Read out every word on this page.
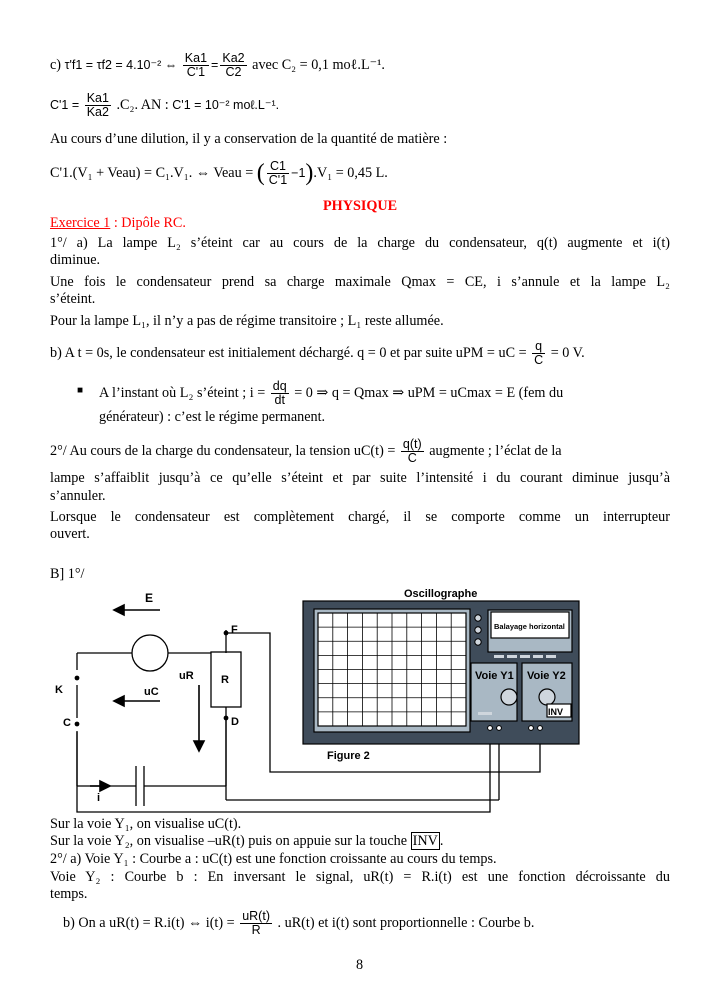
c) τ'f1 = τf2 = 4.10⁻² ⇔ $\frac{Ka1}{C'1} = \frac{Ka2}{C2}$ avec C₂ = 0,1 moℓ.L⁻¹.
$C'1 = \frac{Ka1}{Ka2} .C_2$. AN : C'1 = 10⁻² moℓ.L⁻¹.
Au cours d’une dilution, il y a conservation de la quantité de matière :
C'1.(V₁ + Veau) = C₁.V₁. ⇔ Veau = ( $\frac{C1}{C'1} -1).V_1 = 0,45$ L.
PHYSIQUE
Exercice 1 : Dipôle RC.
1°/ a) La lampe L₂ s’éteint car au cours de la charge du condensateur, q(t) augmente et i(t)
diminue.
Une fois le condensateur prend sa charge maximale Qmax = CE, i s’annule et la lampe L₂
s’éteint.
Pour la lampe L₁, il n’y a pas de régime transitoire ; L₁ reste allumée.
b) A t = 0s, le condensateur est initialement déchargé. q = 0 et par suite uPM = uC = $\frac{q}{C} = 0$ V.
■ A l’instant où L₂ s’éteint ; $i = \frac{dq}{dt} = 0$ ⇒ q = Qmax ⇒ uPM = uCmax = E (fem du
générateur) : c’est le régime permanent.
2°/ Au cours de la charge du condensateur, la tension $uC(t) = \frac{q(t)}{C}$ augmente ; l’éclat de la
lampe s’affaiblit jusqu’à ce qu’elle s’éteint et par suite l’intensité i du courant diminue jusqu’à
s’annuler.
Lorsque le condensateur est complètement chargé, il se comporte comme un interrupteur
ouvert.
B] 1°/
E
F
K
C	D
i
uR
uC
R
Oscillographe
Balayage horizontal
Voie Y1 Voie Y2
INV
Figure 2
Sur la voie Y₁, on visualise uC(t).
Sur la voie Y₂, on visualise –uR(t) puis on appuie sur la touche INV .
2°/ a) Voie Y₁ : Courbe a : uC(t) est une fonction croissante au cours du temps.
Voie Y₂ : Courbe b : En inversant le signal, uR(t) = R.i(t) est une fonction décroissante du
temps.
b) On a uR(t) = R.i(t) ⇔ $i(t) = \frac{uR(t)}{R}$ . uR(t) et i(t) sont proportionnelle : Courbe b.
8
